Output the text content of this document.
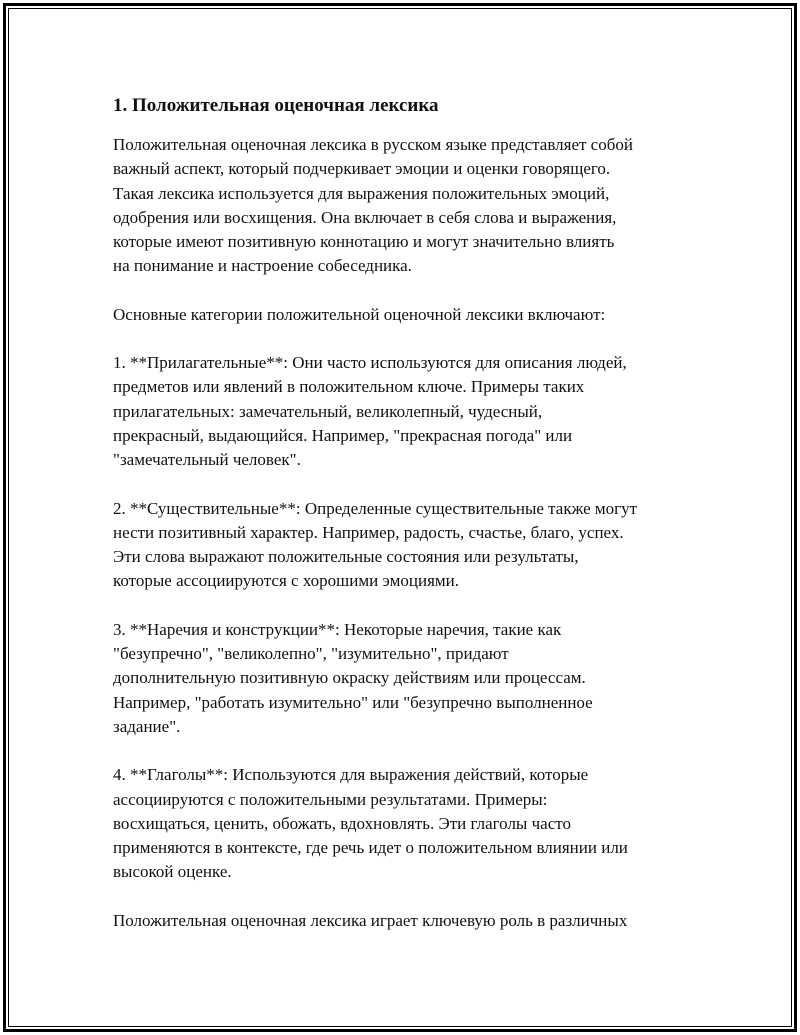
1. Положительная оценочная лексика
Положительная оценочная лексика в русском языке представляет собой
важный аспект, который подчеркивает эмоции и оценки говорящего.
Такая лексика используется для выражения положительных эмоций,
одобрения или восхищения. Она включает в себя слова и выражения,
которые имеют позитивную коннотацию и могут значительно влиять
на понимание и настроение собеседника.
Основные категории положительной оценочной лексики включают:
1. **Прилагательные**: Они часто используются для описания людей,
предметов или явлений в положительном ключе. Примеры таких
прилагательных: замечательный, великолепный, чудесный,
прекрасный, выдающийся. Например, "прекрасная погода" или
"замечательный человек".
2. **Существительные**: Определенные существительные также могут
нести позитивный характер. Например, радость, счастье, благо, успех.
Эти слова выражают положительные состояния или результаты,
которые ассоциируются с хорошими эмоциями.
3. **Наречия и конструкции**: Некоторые наречия, такие как
"безупречно", "великолепно", "изумительно", придают
дополнительную позитивную окраску действиям или процессам.
Например, "работать изумительно" или "безупречно выполненное
задание".
4. **Глаголы**: Используются для выражения действий, которые
ассоциируются с положительными результатами. Примеры:
восхищаться, ценить, обожать, вдохновлять. Эти глаголы часто
применяются в контексте, где речь идет о положительном влиянии или
высокой оценке.
Положительная оценочная лексика играет ключевую роль в различных
